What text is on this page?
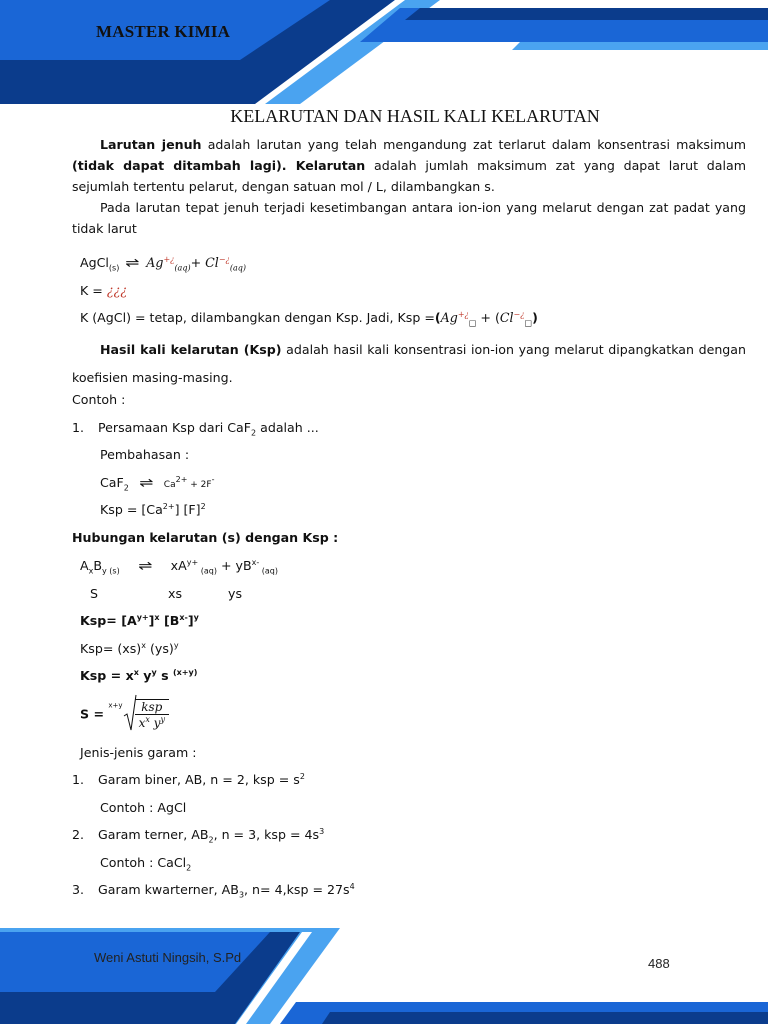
MASTER KIMIA
KELARUTAN DAN HASIL KALI KELARUTAN

Larutan jenuh adalah larutan yang telah mengandung zat terlarut dalam konsentrasi maksimum (tidak dapat ditambah lagi). Kelarutan adalah jumlah maksimum zat yang dapat larut dalam sejumlah tertentu pelarut, dengan satuan mol / L, dilambangkan s.

Pada larutan tepat jenuh terjadi kesetimbangan antara ion-ion yang melarut dengan zat padat yang tidak larut

AgCl$_{(s)}$ ⇌ $Ag^{+¿}_{(aq)}+ Cl^{-¿}_{(aq)}$
K = ¿¿¿
K (AgCl) = tetap, dilambangkan dengan Ksp. Jadi, Ksp $=(Ag^{+¿}_□ + (Cl^{-¿}_□)$

Hasil kali kelarutan (Ksp) adalah hasil kali konsentrasi ion-ion yang melarut dipangkatkan dengan koefisien masing-masing.

Contoh :
1. Persamaan Ksp dari CaF$_2$ adalah ...
Pembahasan :
CaF$_2$ ⇌ $Ca^{2+} + 2F^-$
Ksp = $[Ca^{2+}]$ $[F]^2$
Hubungan kelarutan (s) dengan Ksp :
$A_xB_y$ $_{(s)}$ ⇌ $xA^{y+}$ $_{(aq)} + yB^{x-}$ $_{(aq)}$
S	xs	ys
$Ksp= [A^{y+}]^x$ $[B^{x-}]^y$
Ksp= (xs)$^x$ (ys)$^y$
Ksp = $x^x$ $y^y$ s $^{(x+y)}$
$S = ^{x+y} \frac{\text{ksp}}{x^x y^y}$
Jenis-jenis garam :
1. Garam biner, AB, n = 2, ksp = $s^2$
Contoh : AgCl
2. Garam terner, $AB_2$, n = 3, ksp = $4s^3$
Contoh : CaCl$_2$
3. Garam kwarterner, $AB_3$, $n= 4,ksp = 27s^4$
Weni Astuti Ningsih, S.Pd	488
